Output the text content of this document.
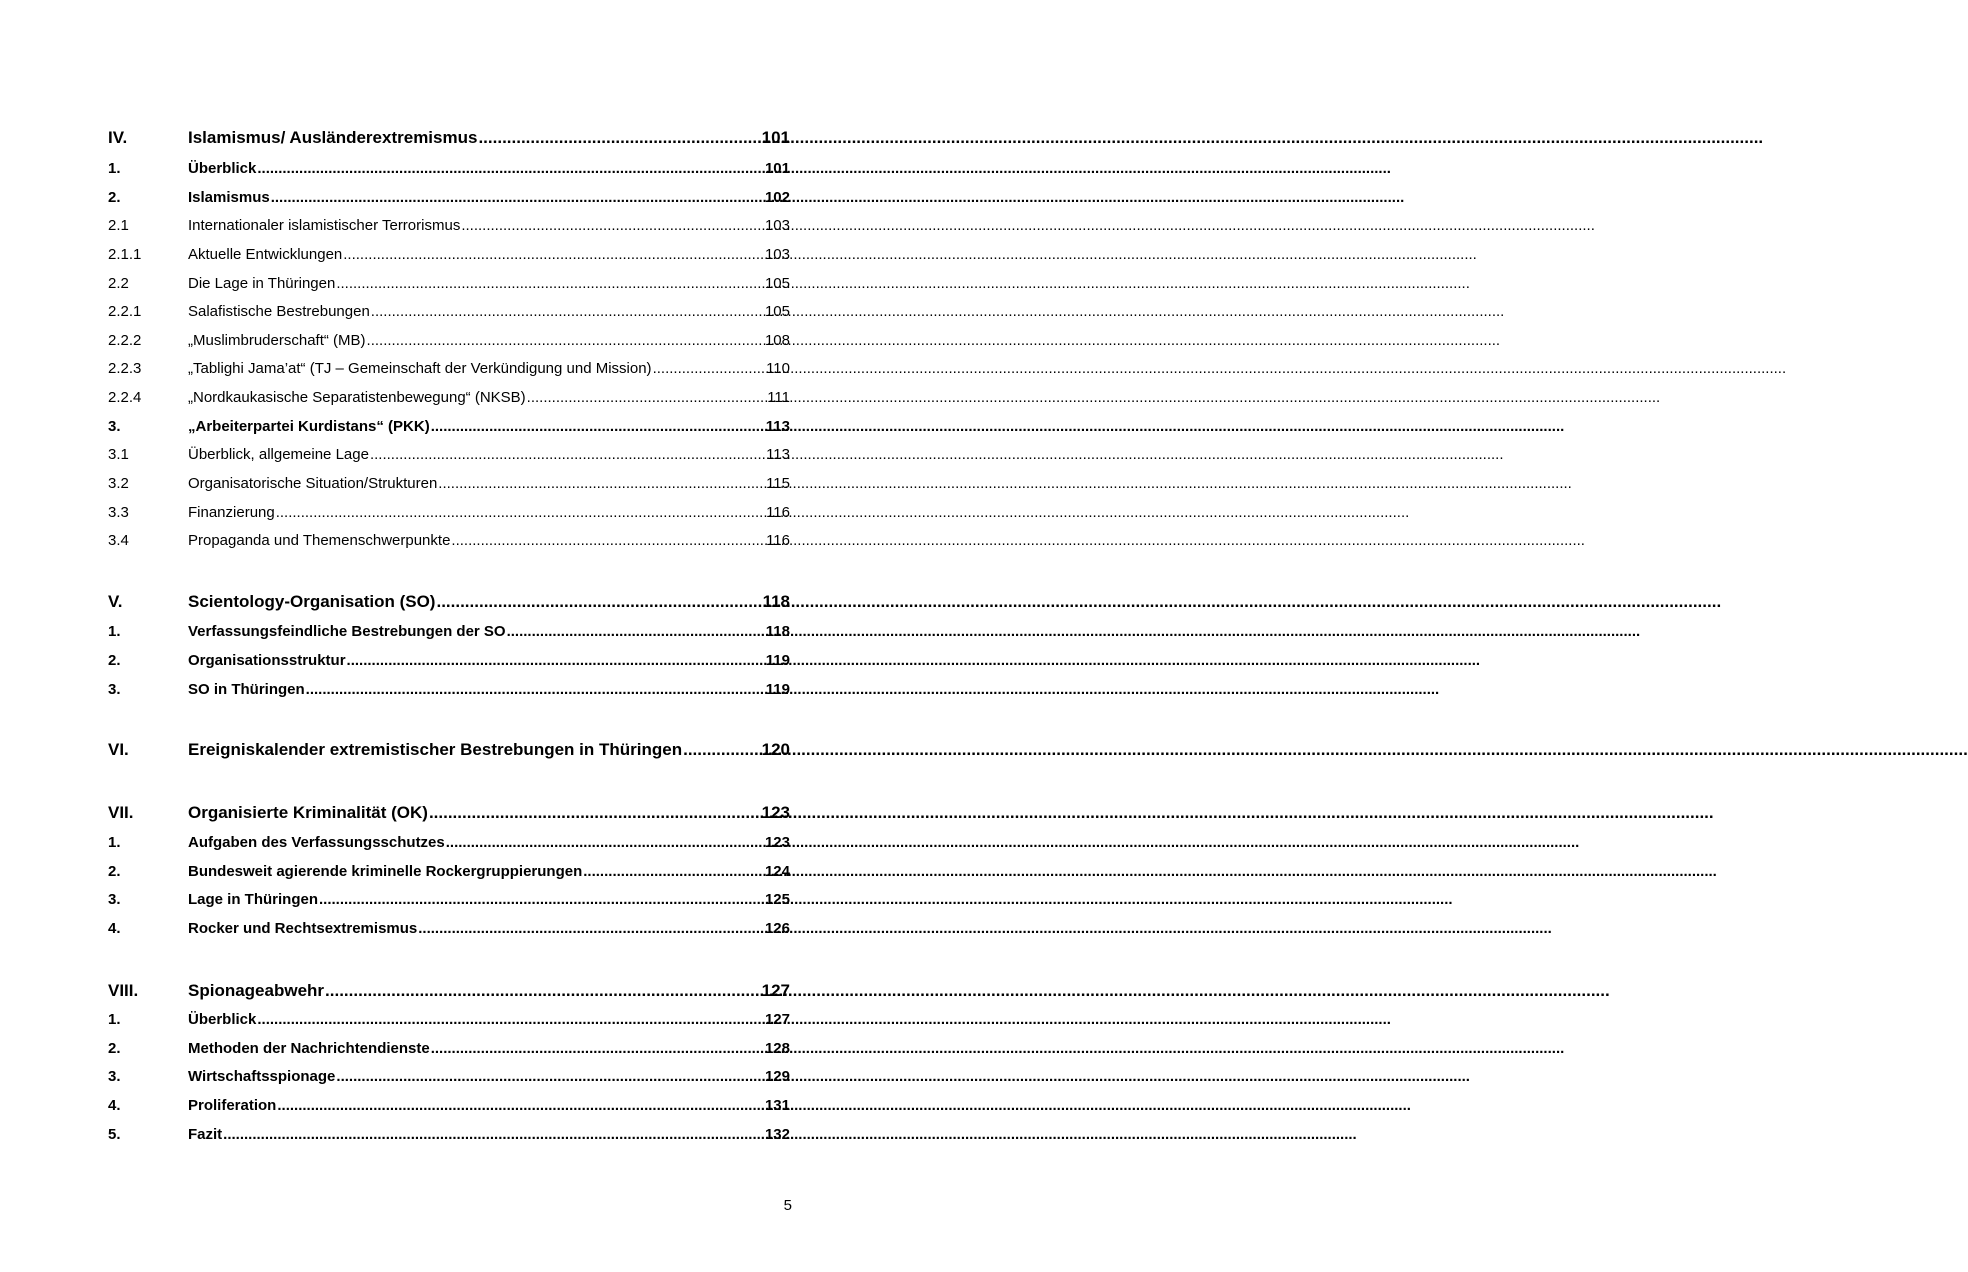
IV.	Islamismus/ Ausländerextremismus .....	101
1.	Überblick .....	101
2.	Islamismus .....	102
2.1	Internationaler islamistischer Terrorismus .....	103
2.1.1	Aktuelle Entwicklungen .....	103
2.2	Die Lage in Thüringen .....	105
2.2.1	Salafistische Bestrebungen .....	105
2.2.2	„Muslimbruderschaft“ (MB) .....	108
2.2.3	„Tablighi Jama’at“ (TJ – Gemeinschaft der Verkündigung und Mission) .....	110
2.2.4	„Nordkaukasische Separatistenbewegung“ (NKSB) .....	111
3.	„Arbeiterpartei Kurdistans“ (PKK) .....	113
3.1	Überblick, allgemeine Lage .....	113
3.2	Organisatorische Situation/Strukturen .....	115
3.3	Finanzierung .....	116
3.4	Propaganda und Themenschwerpunkte .....	116
V.	Scientology-Organisation (SO) .....	118
1.	Verfassungsfeindliche Bestrebungen der SO .....	118
2.	Organisationsstruktur .....	119
3.	SO in Thüringen .....	119
VI.	Ereigniskalender extremistischer Bestrebungen in Thüringen .....	120
VII.	Organisierte Kriminalität (OK) .....	123
1.	Aufgaben des Verfassungsschutzes .....	123
2.	Bundesweit agierende kriminelle Rockergruppierungen .....	124
3.	Lage in Thüringen .....	125
4.	Rocker und Rechtsextremismus .....	126
VIII.	Spionageabwehr .....	127
1.	Überblick .....	127
2.	Methoden der Nachrichtendienste .....	128
3.	Wirtschaftsspionage .....	129
4.	Proliferation .....	131
5.	Fazit .....	132
5
